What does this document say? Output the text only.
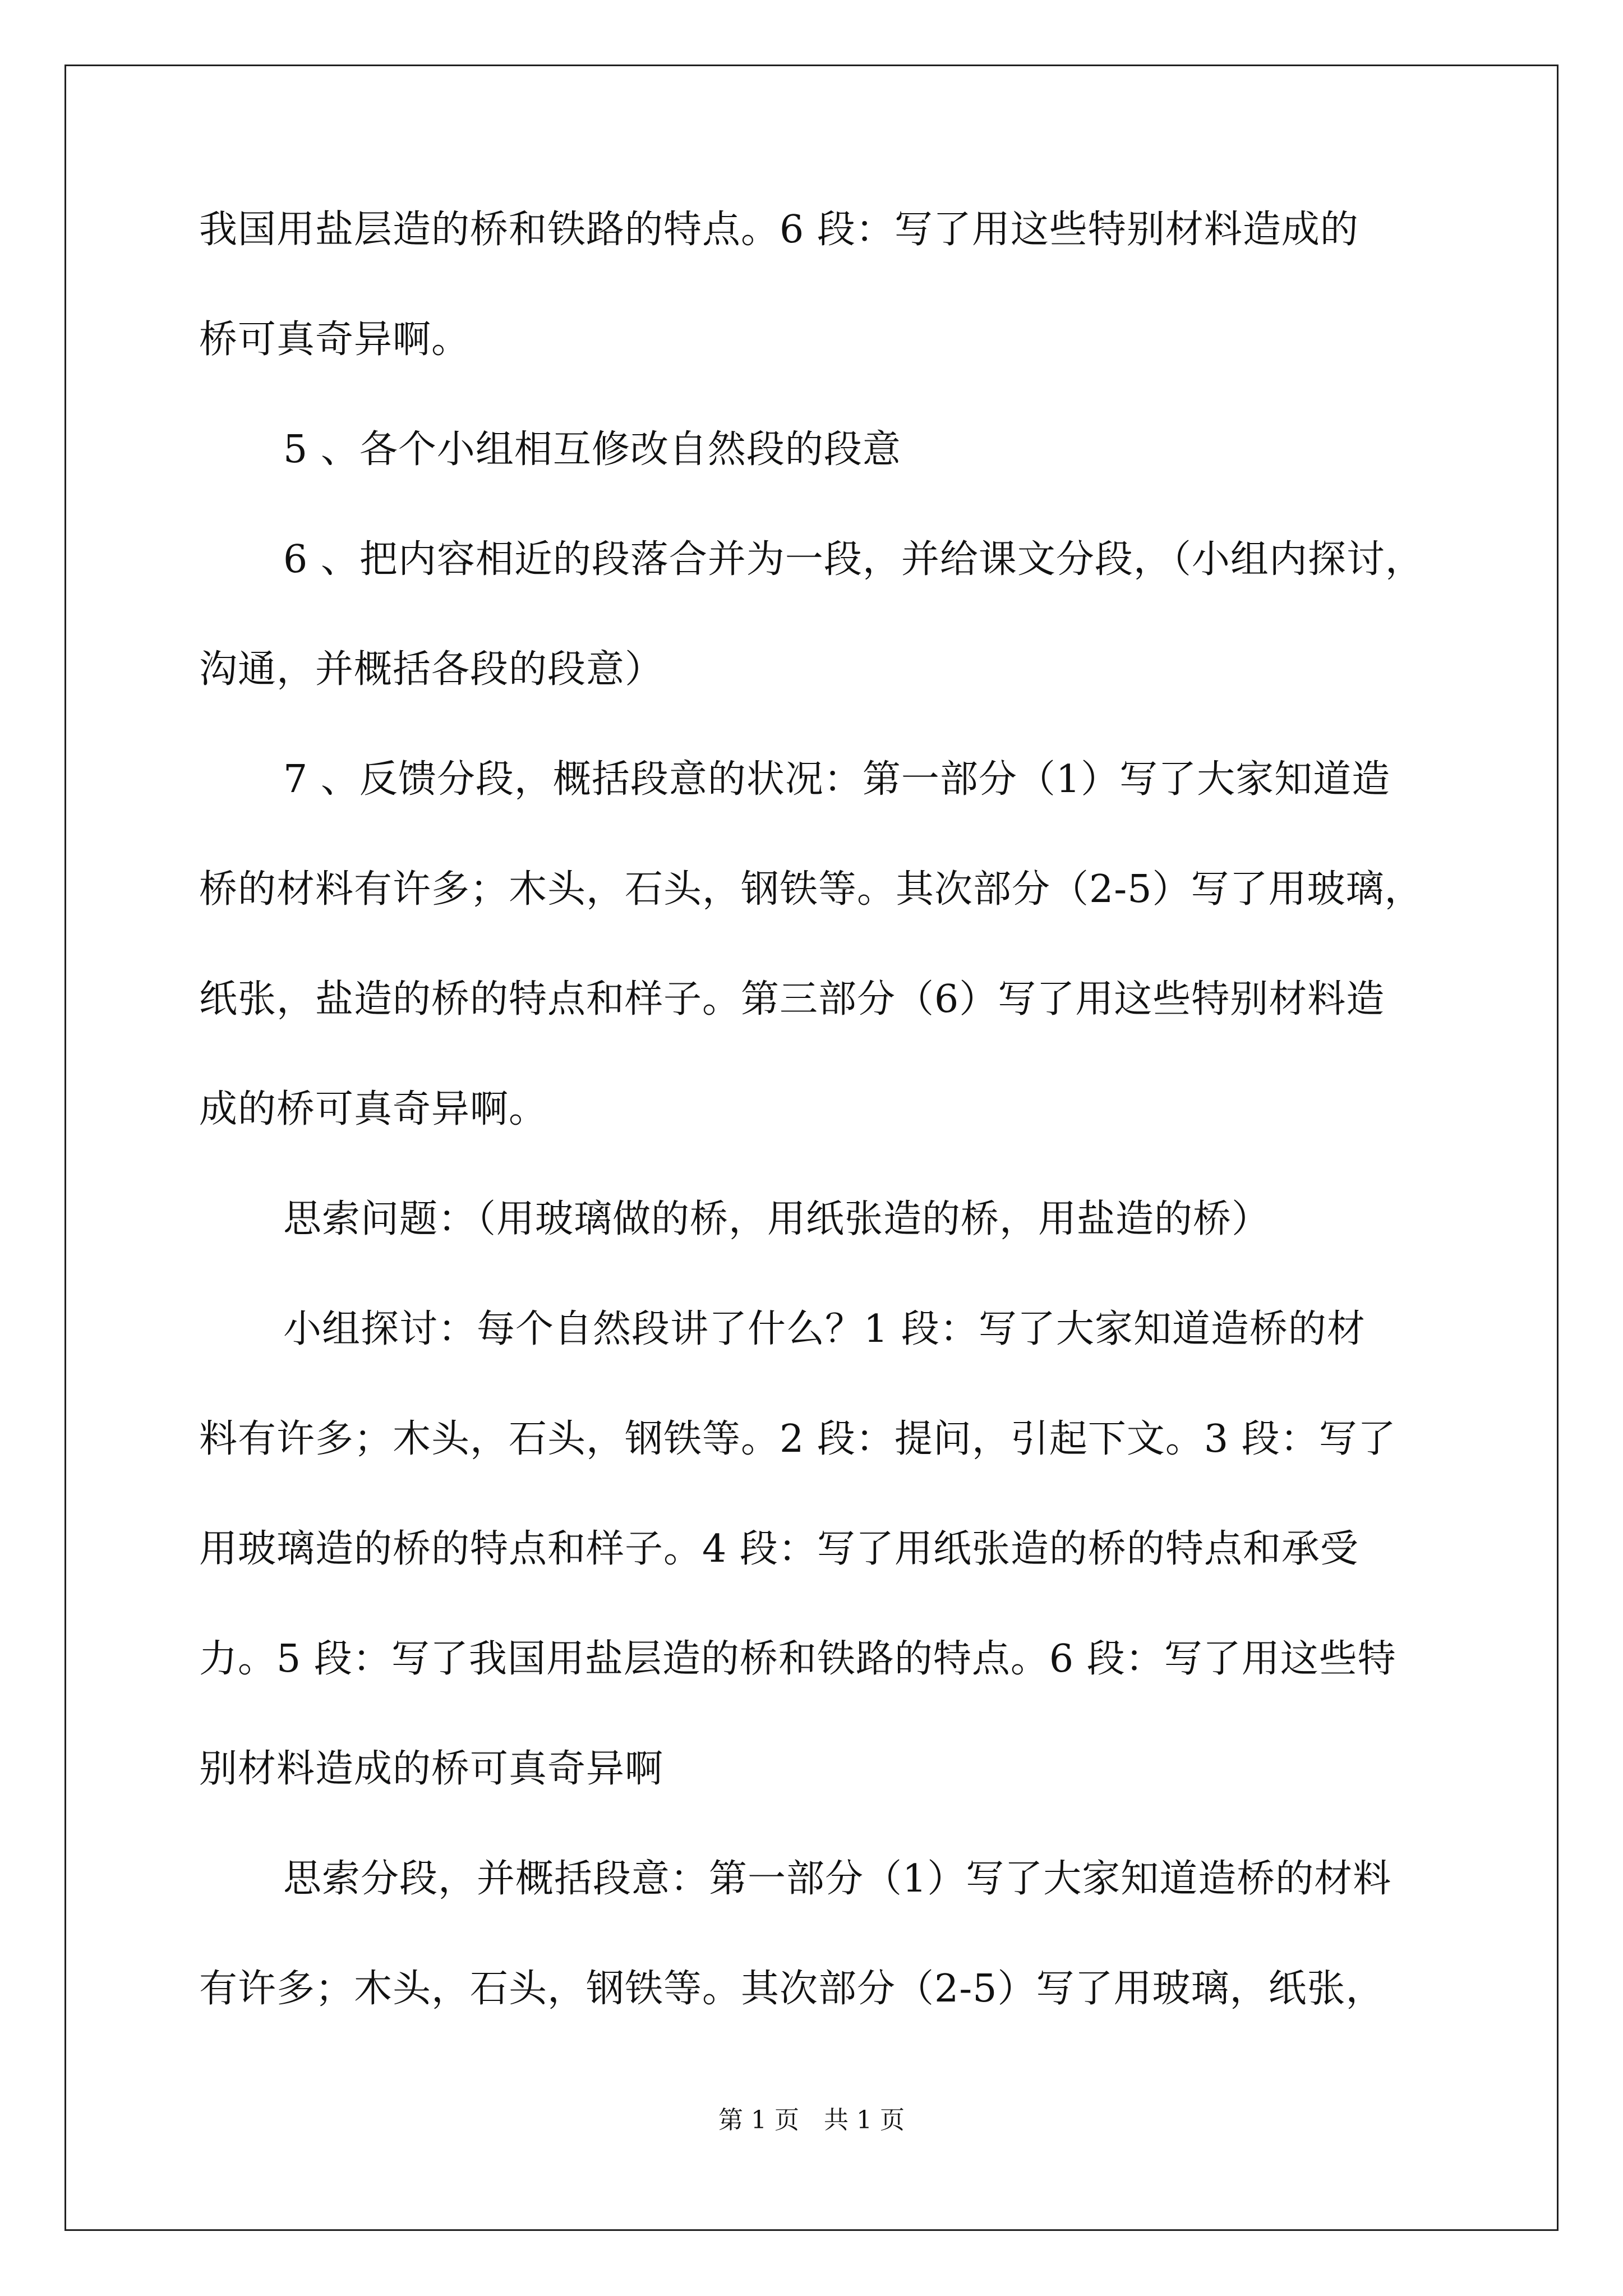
我国用盐层造的桥和铁路的特点。6 段：写了用这些特别材料造成的
桥可真奇异啊。
5 、各个小组相互修改自然段的段意
6 、把内容相近的段落合并为一段，并给课文分段，（小组内探讨，
沟通，并概括各段的段意）
7 、反馈分段，概括段意的状况：第一部分（1）写了大家知道造
桥的材料有许多；木头，石头，钢铁等。其次部分（2-5）写了用玻璃，
纸张，盐造的桥的特点和样子。第三部分（6）写了用这些特别材料造
成的桥可真奇异啊。
思索问题：（用玻璃做的桥，用纸张造的桥，用盐造的桥）
小组探讨：每个自然段讲了什么？1 段：写了大家知道造桥的材
料有许多；木头，石头，钢铁等。2 段：提问，引起下文。3 段：写了
用玻璃造的桥的特点和样子。4 段：写了用纸张造的桥的特点和承受
力。5 段：写了我国用盐层造的桥和铁路的特点。6 段：写了用这些特
别材料造成的桥可真奇异啊
思索分段，并概括段意：第一部分（1）写了大家知道造桥的材料
有许多；木头，石头，钢铁等。其次部分（2-5）写了用玻璃，纸张，
第 1 页　共 1 页
